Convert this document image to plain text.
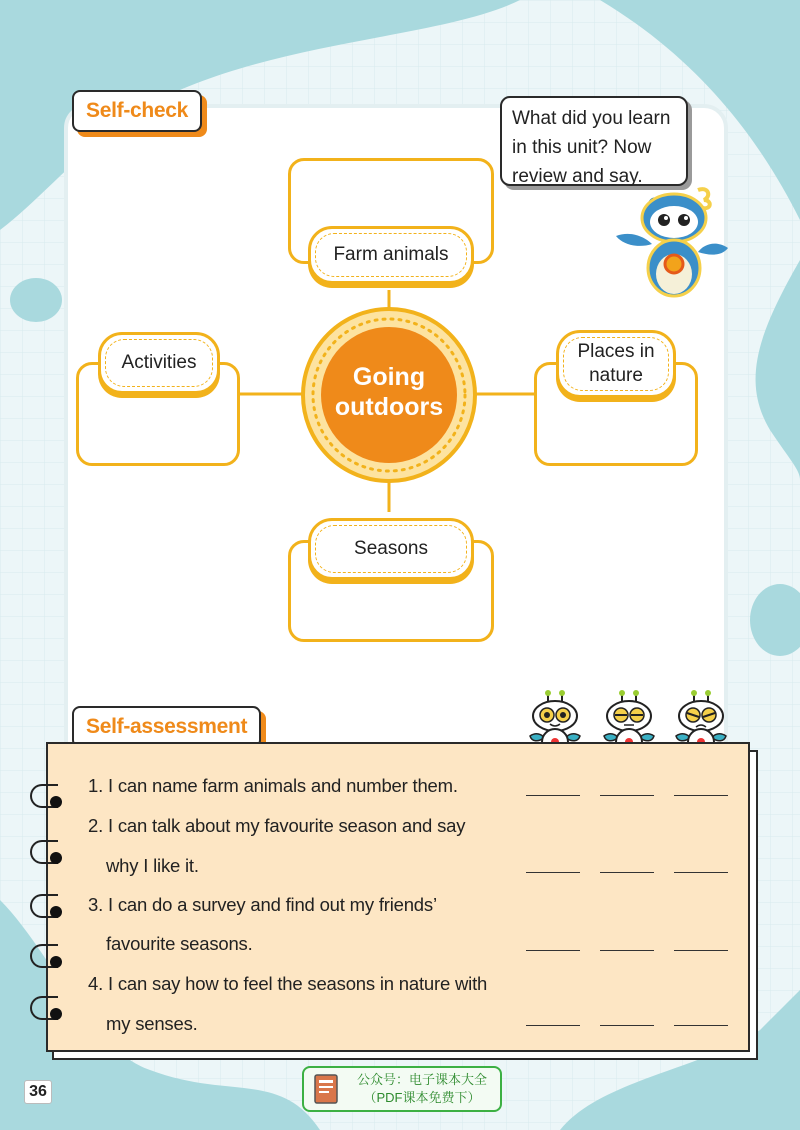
Self-check	What did you learn
in this unit? Now
review and say.
Farm animals
Activities
Places in
nature
Seasons
Going
outdoors
Self-assessment
1. I can name farm animals and number them.
2. I can talk about my favourite season and say
why I like it.
3. I can do a survey and find out my friends’
favourite seasons.
4. I can say how to feel the seasons in nature with
my senses.
36
公众号：电子课本大全
（PDF课本免费下）
